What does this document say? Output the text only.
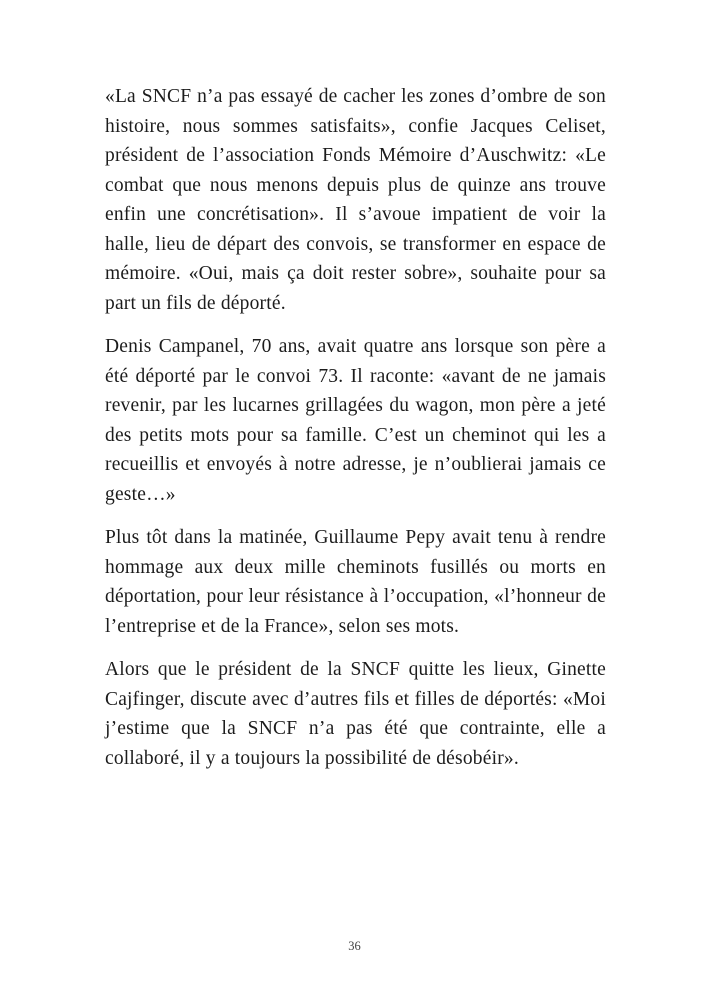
«La SNCF n’a pas essayé de cacher les zones d’ombre de son histoire, nous sommes satisfaits», confie Jacques Celiset, président de l’association Fonds Mémoire d’Auschwitz: «Le combat que nous menons depuis plus de quinze ans trouve enfin une concrétisation». Il s’avoue impatient de voir la halle, lieu de départ des convois, se transformer en espace de mémoire. «Oui, mais ça doit rester sobre», souhaite pour sa part un fils de déporté.

Denis Campanel, 70 ans, avait quatre ans lorsque son père a été déporté par le convoi 73. Il raconte: «avant de ne jamais revenir, par les lucarnes grillagées du wagon, mon père a jeté des petits mots pour sa famille. C’est un cheminot qui les a recueillis et envoyés à notre adresse, je n’oublierai jamais ce geste…»

Plus tôt dans la matinée, Guillaume Pepy avait tenu à rendre hommage aux deux mille cheminots fusillés ou morts en déportation, pour leur résistance à l’occupation, «l’honneur de l’entreprise et de la France», selon ses mots.

Alors que le président de la SNCF quitte les lieux, Ginette Cajfinger, discute avec d’autres fils et filles de déportés: «Moi j’estime que la SNCF n’a pas été que contrainte, elle a collaboré, il y a toujours la possibilité de désobéir».

36
